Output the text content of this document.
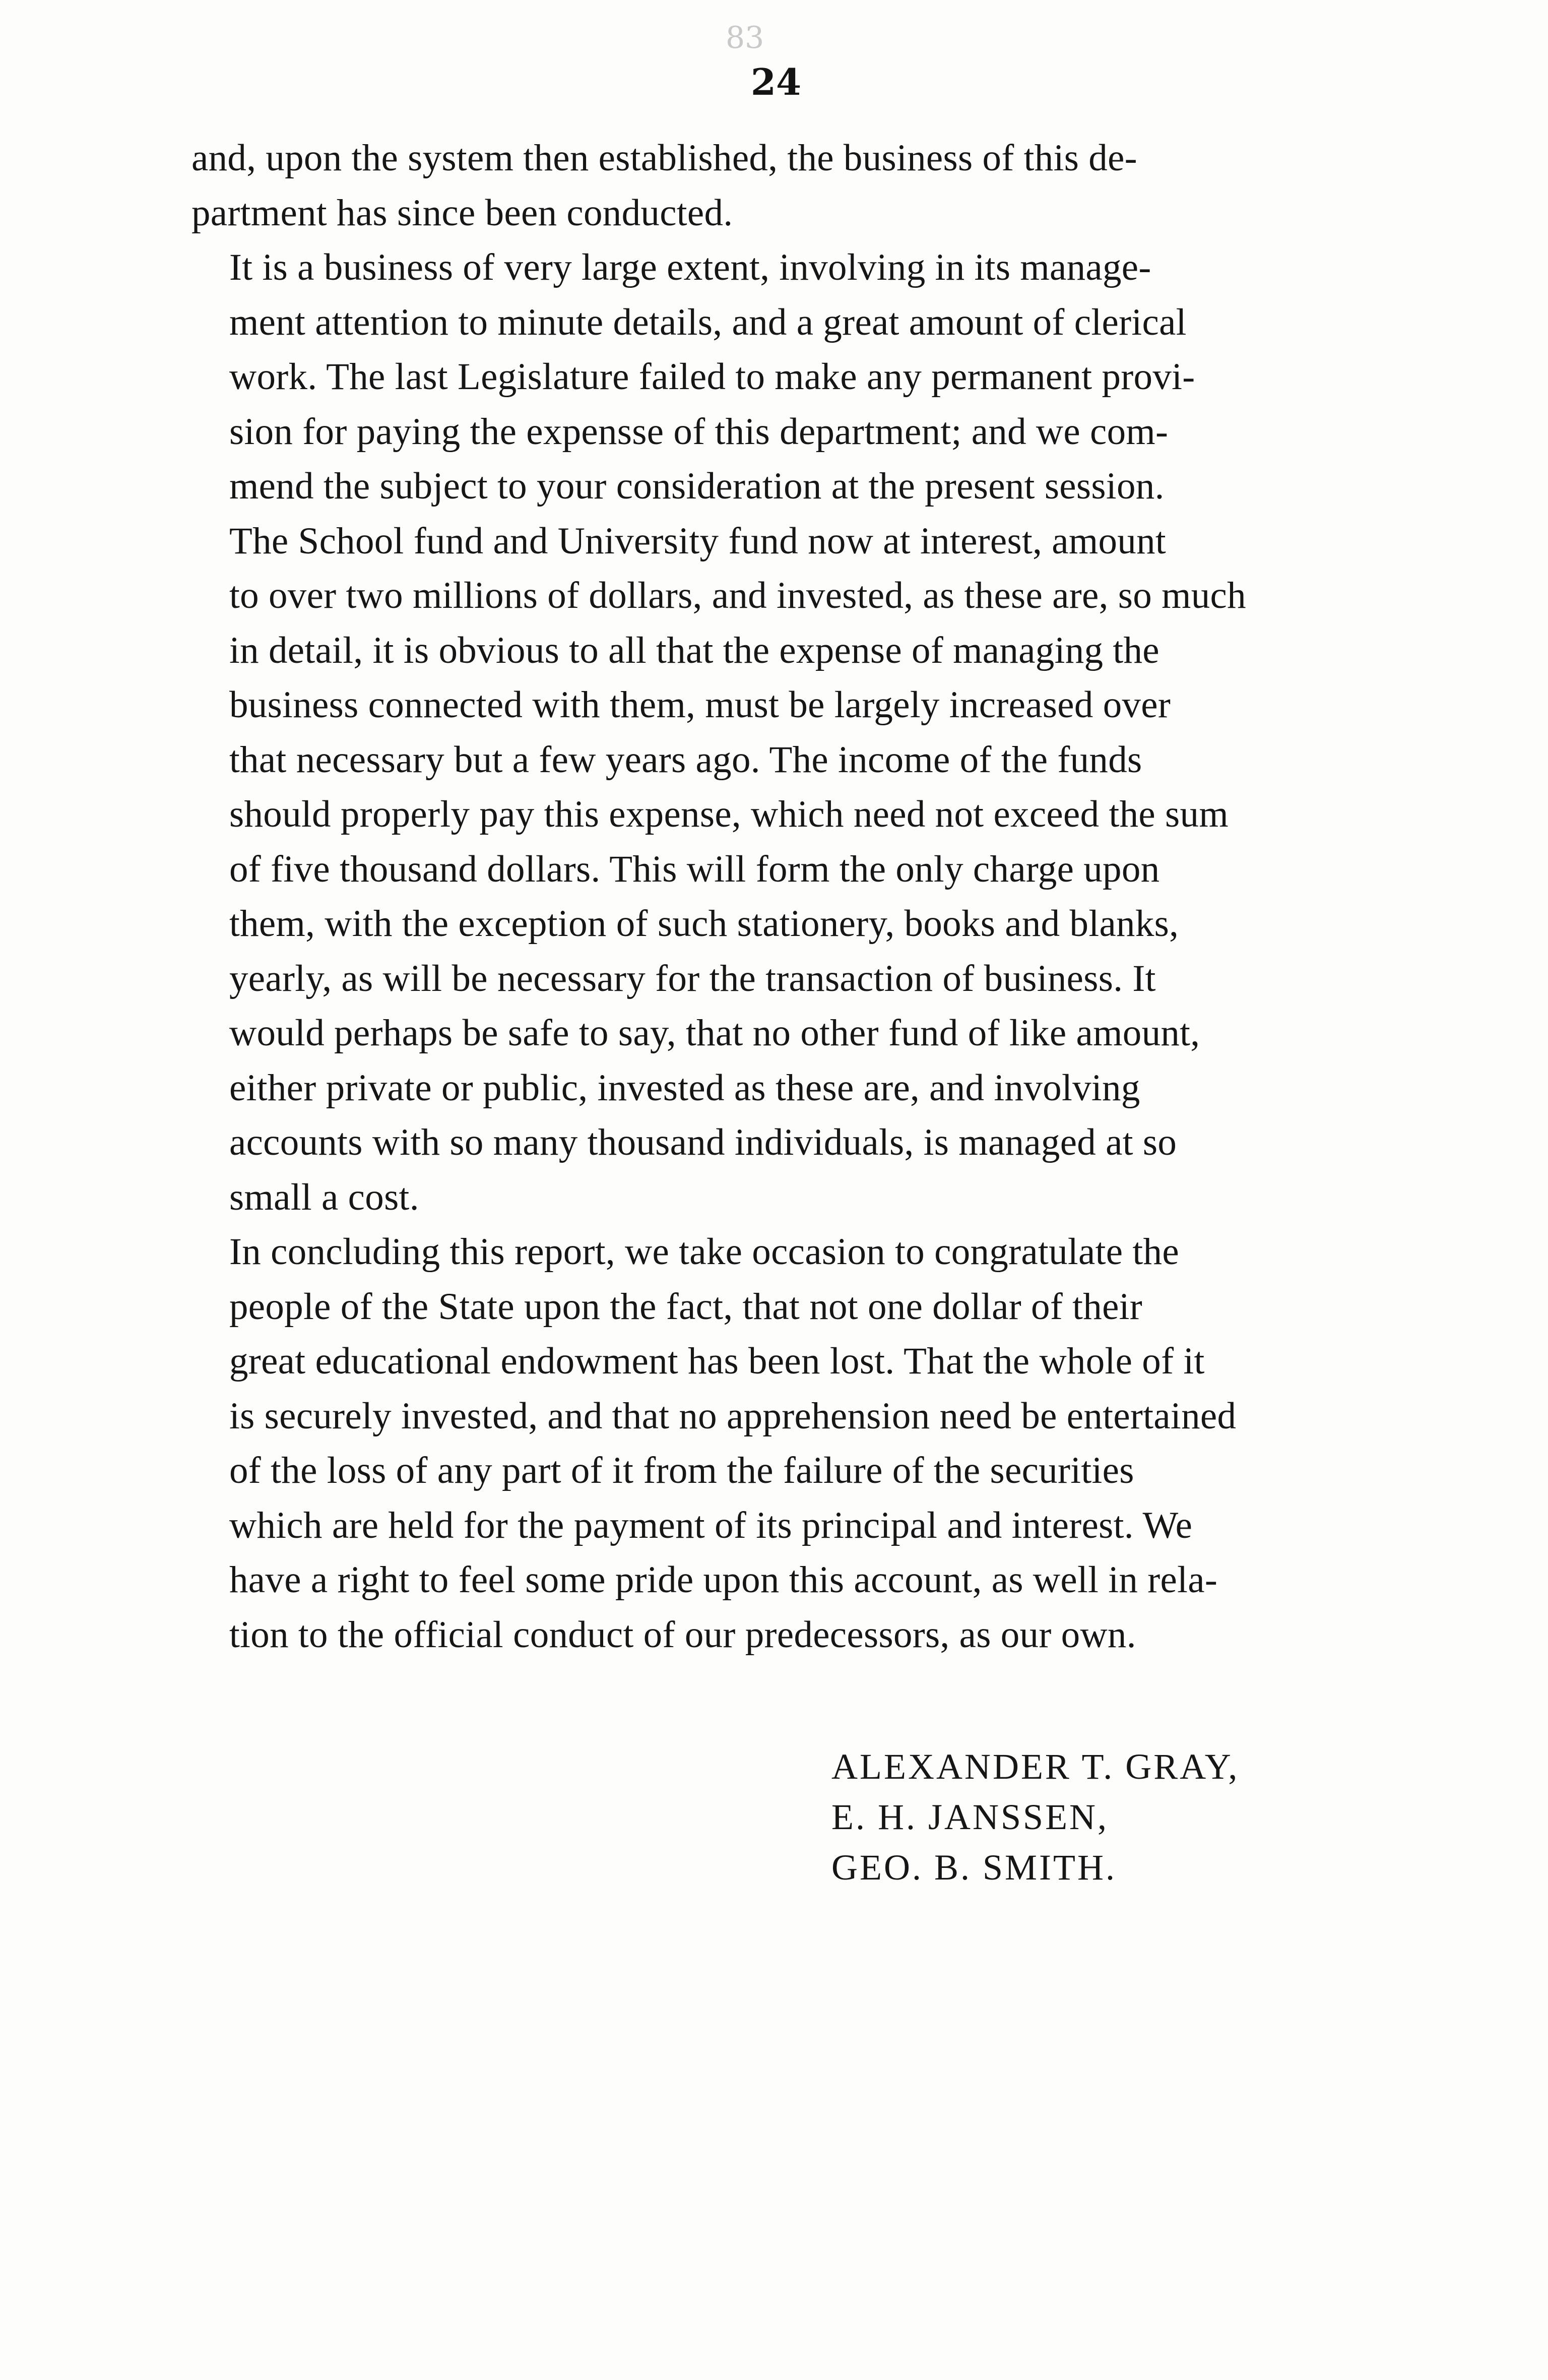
83
24

and, upon the system then established, the business of this de-
partment has since been conducted.

It is a business of very large extent, involving in its manage-
ment attention to minute details, and a great amount of clerical
work. The last Legislature failed to make any permanent provi-
sion for paying the expensse of this department; and we com-
mend the subject to your consideration at the present session.

The School fund and University fund now at interest, amount
to over two millions of dollars, and invested, as these are, so much
in detail, it is obvious to all that the expense of managing the
business connected with them, must be largely increased over
that necessary but a few years ago. The income of the funds
should properly pay this expense, which need not exceed the sum
of five thousand dollars. This will form the only charge upon
them, with the exception of such stationery, books and blanks,
yearly, as will be necessary for the transaction of business. It
would perhaps be safe to say, that no other fund of like amount,
either private or public, invested as these are, and involving
accounts with so many thousand individuals, is managed at so
small a cost.

In concluding this report, we take occasion to congratulate the
people of the State upon the fact, that not one dollar of their
great educational endowment has been lost. That the whole of it
is securely invested, and that no apprehension need be entertained
of the loss of any part of it from the failure of the securities
which are held for the payment of its principal and interest. We
have a right to feel some pride upon this account, as well in rela-
tion to the official conduct of our predecessors, as our own.

ALEXANDER T. GRAY,
E. H. JANSSEN,
GEO. B. SMITH.
